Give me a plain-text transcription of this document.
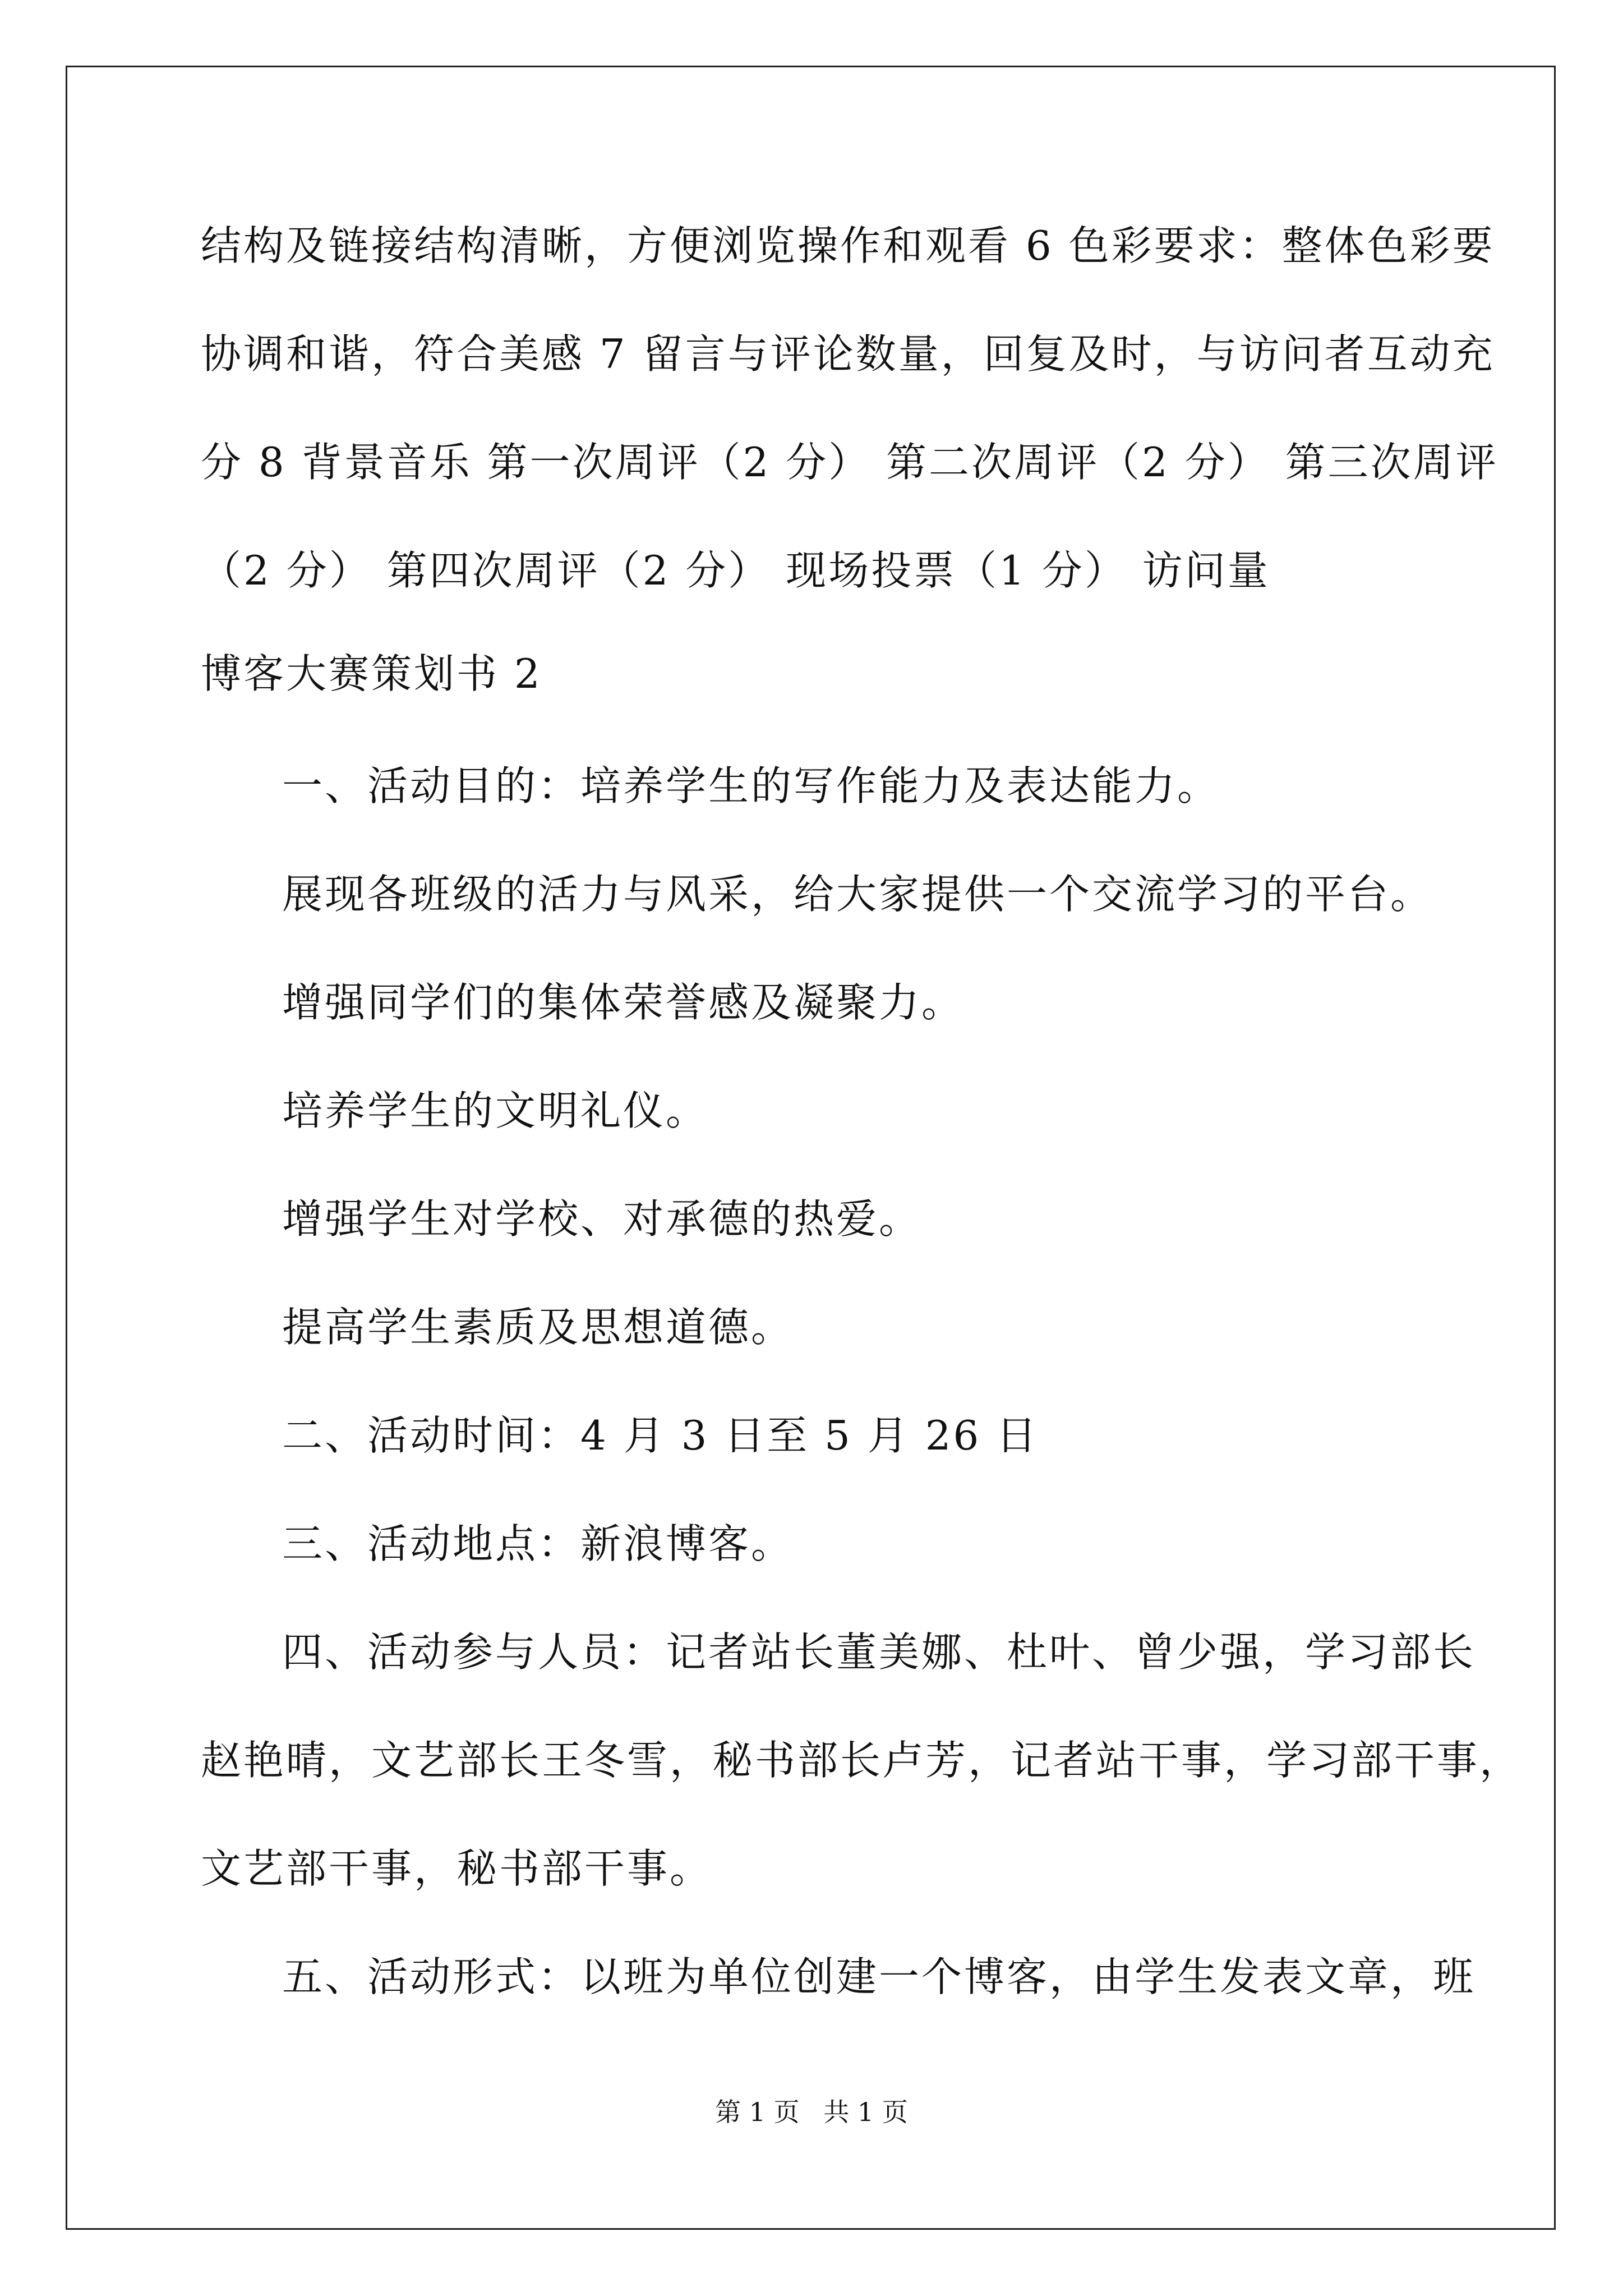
结构及链接结构清晰，方便浏览操作和观看 6 色彩要求：整体色彩要
协调和谐，符合美感 7 留言与评论数量，回复及时，与访问者互动充
分 8 背景音乐 第一次周评（2 分） 第二次周评（2 分） 第三次周评
（2 分） 第四次周评（2 分） 现场投票（1 分） 访问量
博客大赛策划书 2
一、活动目的：培养学生的写作能力及表达能力。
展现各班级的活力与风采，给大家提供一个交流学习的平台。
增强同学们的集体荣誉感及凝聚力。
培养学生的文明礼仪。
增强学生对学校、对承德的热爱。
提高学生素质及思想道德。
二、活动时间：4 月 3 日至 5 月 26 日
三、活动地点：新浪博客。
四、活动参与人员：记者站长董美娜、杜叶、曾少强，学习部长
赵艳晴，文艺部长王冬雪，秘书部长卢芳，记者站干事，学习部干事，
文艺部干事，秘书部干事。
五、活动形式：以班为单位创建一个博客，由学生发表文章，班
第 1 页 共 1 页
